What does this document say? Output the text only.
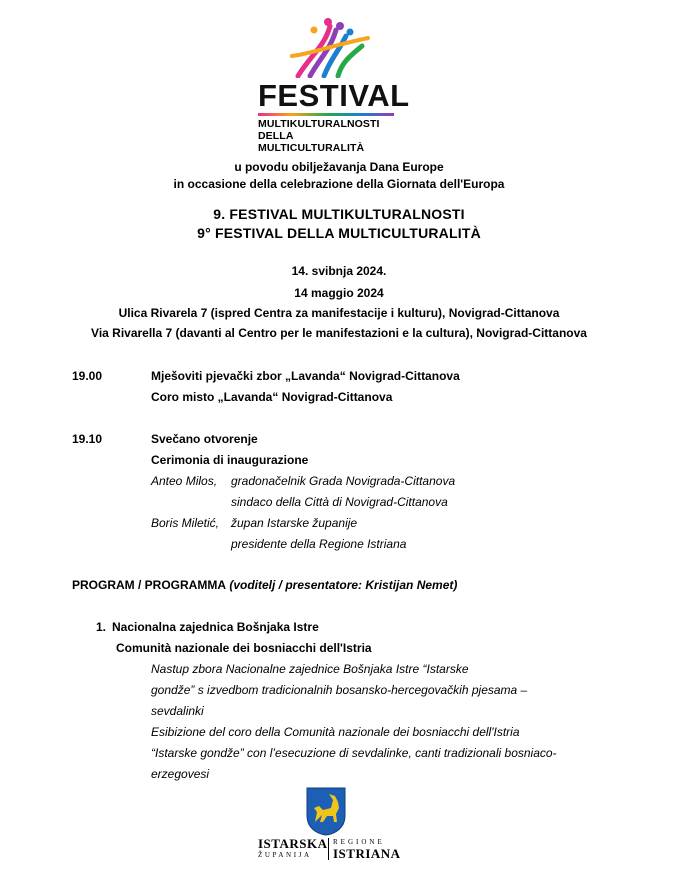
FESTIVAL
MULTIKULTURALNOSTI
DELLA MULTICULTURALITÀ
u povodu obilježavanja Dana Europe
in occasione della celebrazione della Giornata dell'Europa
9. FESTIVAL MULTIKULTURALNOSTI
9° FESTIVAL DELLA MULTICULTURALITÀ
14. svibnja 2024.
14 maggio 2024
Ulica Rivarela 7 (ispred Centra za manifestacije i kulturu), Novigrad-Cittanova
Via Rivarella 7 (davanti al Centro per le manifestazioni e la cultura), Novigrad-Cittanova
19.00	Mješoviti pjevački zbor „Lavanda“ Novigrad-Cittanova
Coro misto „Lavanda“ Novigrad-Cittanova
19.10	Svečano otvorenje
Cerimonia di inaugurazione
Anteo Milos, gradonačelnik Grada Novigrada-Cittanova
sindaco della Città di Novigrad-Cittanova
Boris Miletić, župan Istarske županije
presidente della Regione Istriana
PROGRAM / PROGRAMMA (voditelj / presentatore: Kristijan Nemet)
1. Nacionalna zajednica Bošnjaka Istre
Comunità nazionale dei bosniacchi dell'Istria
Nastup zbora Nacionalne zajednice Bošnjaka Istre “Istarske
gondže” s izvedbom tradicionalnih bosansko-hercegovačkih pjesama –
sevdalinki
Esibizione del coro della Comunità nazionale dei bosniacchi dell'Istria
“Istarske gondže” con l’esecuzione di sevdalinke, canti tradizionali bosniaco-
erzegovesi
ISTARSKA
ŽUPANIJA
REGIONE
ISTRIANA
